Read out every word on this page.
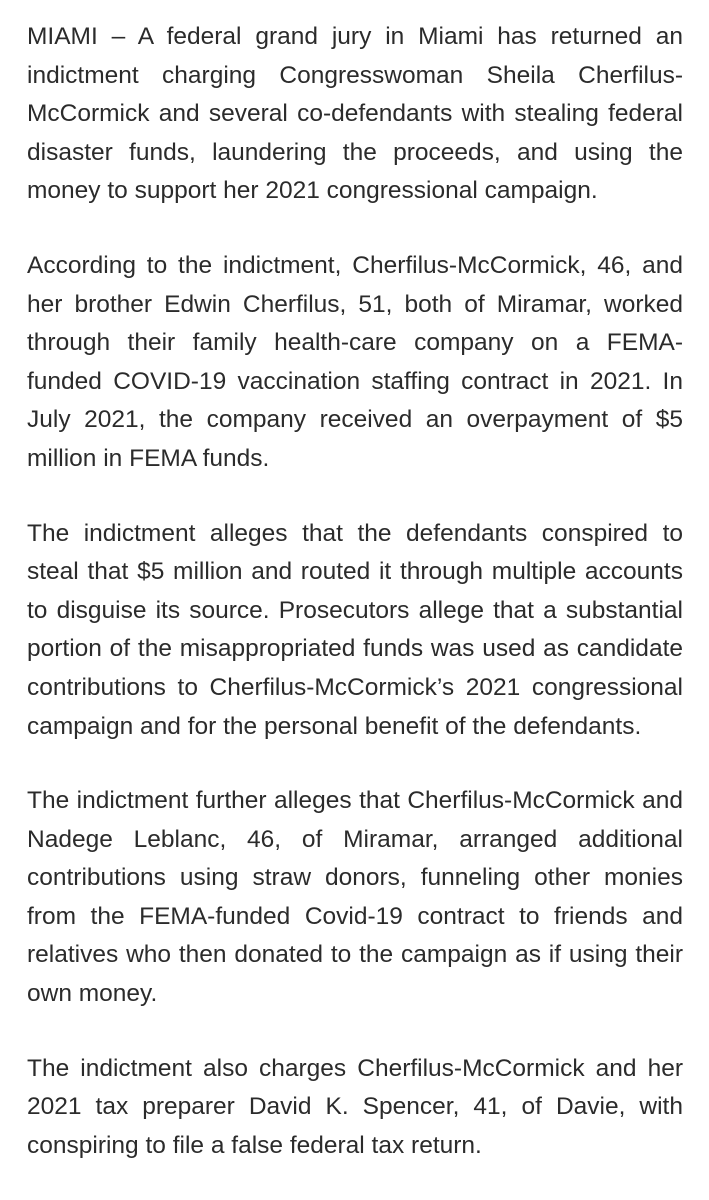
MIAMI – A federal grand jury in Miami has returned an indictment charging Congresswoman Sheila Cherfilus-McCormick and several co-defendants with stealing federal disaster funds, laundering the proceeds, and using the money to support her 2021 congressional campaign.

According to the indictment, Cherfilus-McCormick, 46, and her brother Edwin Cherfilus, 51, both of Miramar, worked through their family health-care company on a FEMA-funded COVID-19 vaccination staffing contract in 2021. In July 2021, the company received an overpayment of $5 million in FEMA funds.

The indictment alleges that the defendants conspired to steal that $5 million and routed it through multiple accounts to disguise its source. Prosecutors allege that a substantial portion of the misappropriated funds was used as candidate contributions to Cherfilus-McCormick’s 2021 congressional campaign and for the personal benefit of the defendants.

The indictment further alleges that Cherfilus-McCormick and Nadege Leblanc, 46, of Miramar, arranged additional contributions using straw donors, funneling other monies from the FEMA-funded Covid-19 contract to friends and relatives who then donated to the campaign as if using their own money.

The indictment also charges Cherfilus-McCormick and her 2021 tax preparer David K. Spencer, 41, of Davie, with conspiring to file a false federal tax return.
